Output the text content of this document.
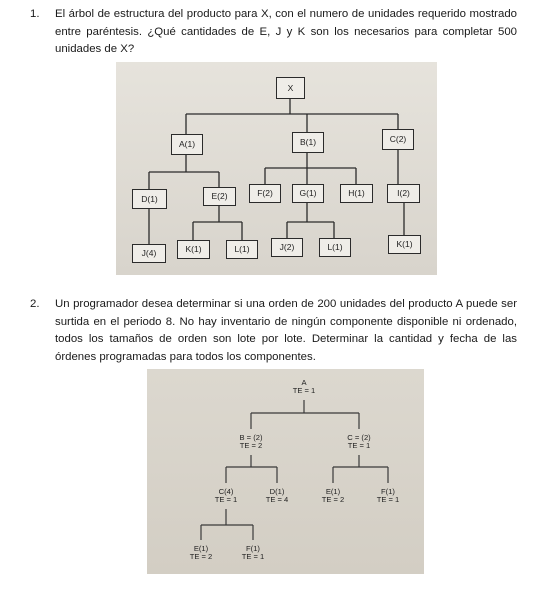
1. El árbol de estructura del producto para X, con el numero de unidades requerido mostrado entre paréntesis. ¿Qué cantidades de E, J y K son los necesarios para completar 500 unidades de X?
X
A(1)	B(1)	C(2)
D(1)	E(2)	F(2)	G(1)	H(1)	I(2)
J(4)	K(1)	L(1)	J(2)	L(1)	K(1)
2. Un programador desea determinar si una orden de 200 unidades del producto A puede ser surtida en el periodo 8. No hay inventario de ningún componente disponible ni ordenado, todos los tamaños de orden son lote por lote. Determinar la cantidad y fecha de las órdenes programadas para todos los componentes.
A
TE = 1
B = (2)
TE = 2
C = (2)
TE = 1
C(4)
TE = 1
D(1)
TE = 4
E(1)
TE = 2
F(1)
TE = 1
E(1)
TE = 2
F(1)
TE = 1
